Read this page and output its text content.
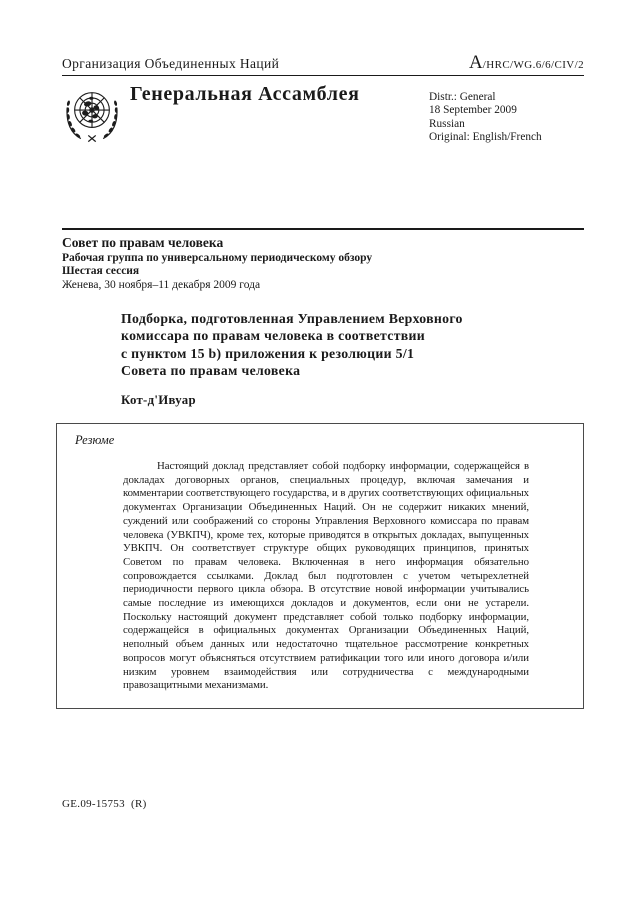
Организация Объединенных Наций	A/HRC/WG.6/6/CIV/2
Генеральная Ассамблея	Distr.: General
18 September 2009
Russian
Original: English/French
Совет по правам человека
Рабочая группа по универсальному периодическому обзору
Шестая сессия
Женева, 30 ноября–11 декабря 2009 года
Подборка, подготовленная Управлением Верховного
комиссара по правам человека в соответствии
с пунктом 15 b) приложения к резолюции 5/1
Совета по правам человека
Кот-д'Ивуар
Резюме

Настоящий доклад представляет собой подборку информации, содержащейся в докладах договорных органов, специальных процедур, включая замечания и комментарии соответствующего государства, и в других соответствующих официальных документах Организации Объединенных Наций. Он не содержит никаких мнений, суждений или соображений со стороны Управления Верховного комиссара по правам человека (УВКПЧ), кроме тех, которые приводятся в открытых докладах, выпущенных УВКПЧ. Он соответствует структуре общих руководящих принципов, принятых Советом по правам человека. Включенная в него информация обязательно сопровождается ссылками. Доклад был подготовлен с учетом четырехлетней периодичности первого цикла обзора. В отсутствие новой информации учитывались самые последние из имеющихся докладов и документов, если они не устарели. Поскольку настоящий документ представляет собой только подборку информации, содержащейся в официальных документах Организации Объединенных Наций, неполный объем данных или недостаточно тщательное рассмотрение конкретных вопросов могут объясняться отсутствием ратификации того или иного договора и/или низким уровнем взаимодействия или сотрудничества с международными правозащитными механизмами.

GE.09-15753  (R)
